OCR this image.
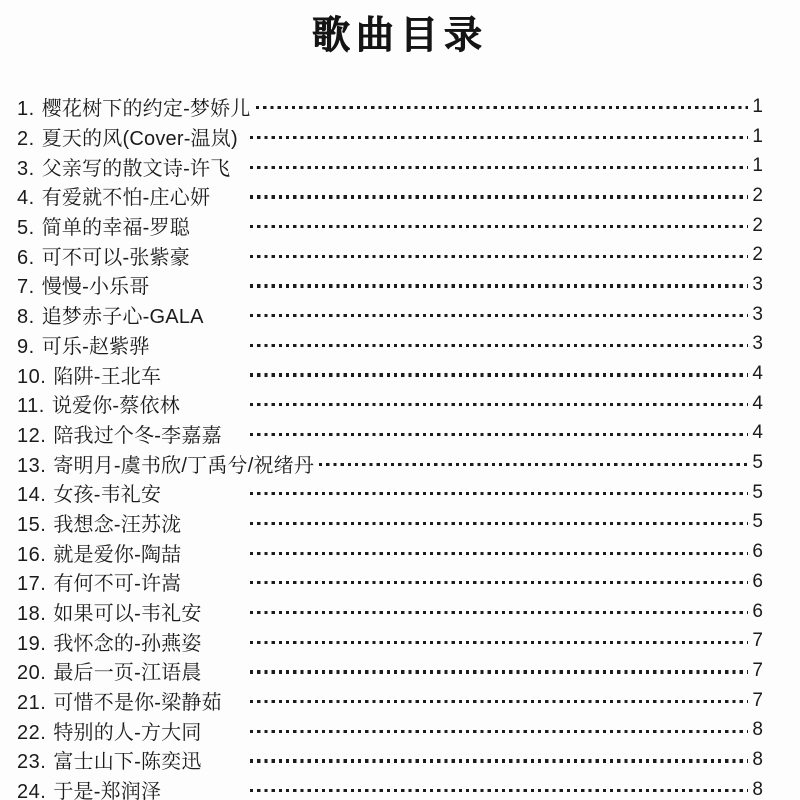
歌曲目录
1. 樱花树下的约定-梦娇儿	1
2. 夏天的风(Cover-温岚)	1
3. 父亲写的散文诗-许飞	1
4. 有爱就不怕-庄心妍	2
5. 简单的幸福-罗聪	2
6. 可不可以-张紫豪	2
7. 慢慢-小乐哥	3
8. 追梦赤子心-GALA	3
9. 可乐-赵紫骅	3
10. 陷阱-王北车	4
11. 说爱你-蔡依林	4
12. 陪我过个冬-李嘉嘉	4
13. 寄明月-虞书欣/丁禹兮/祝绪丹	5
14. 女孩-韦礼安	5
15. 我想念-汪苏泷	5
16. 就是爱你-陶喆	6
17. 有何不可-许嵩	6
18. 如果可以-韦礼安	6
19. 我怀念的-孙燕姿	7
20. 最后一页-江语晨	7
21. 可惜不是你-梁静茹	7
22. 特别的人-方大同	8
23. 富士山下-陈奕迅	8
24. 于是-郑润泽	8
